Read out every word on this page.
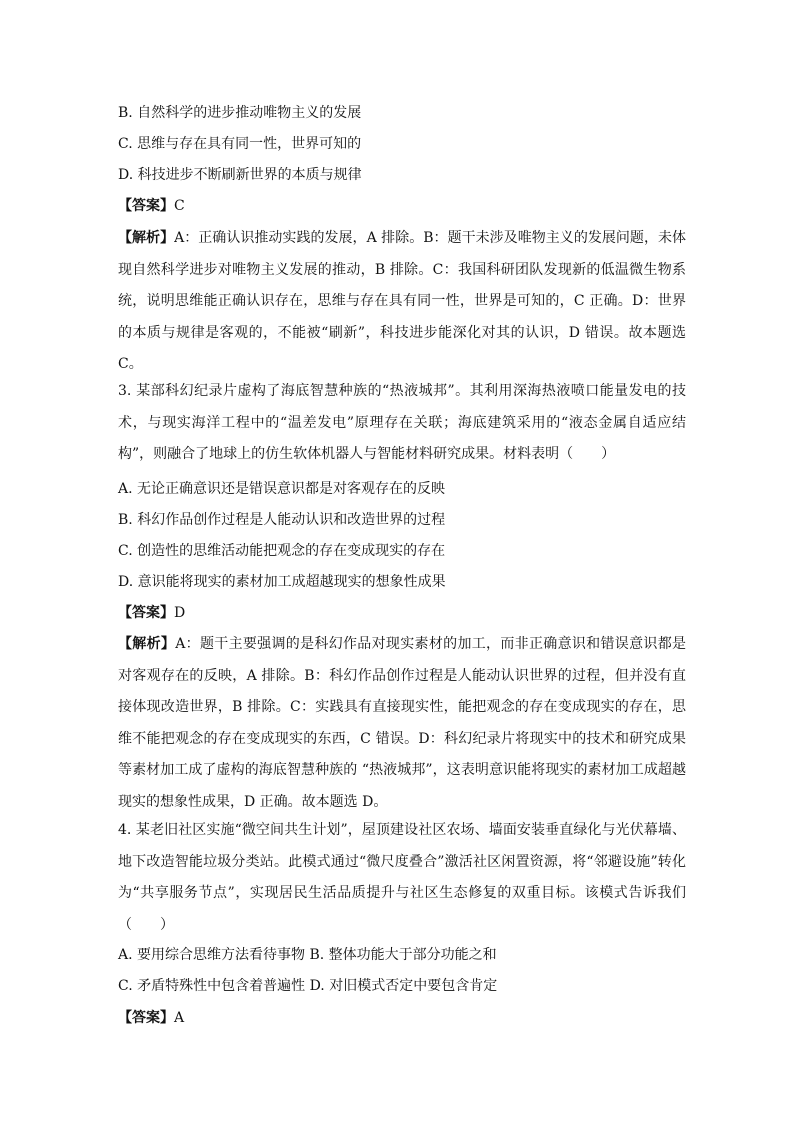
B. 自然科学的进步推动唯物主义的发展
C. 思维与存在具有同一性，世界可知的
D. 科技进步不断刷新世界的本质与规律
【答案】C
【解析】A：正确认识推动实践的发展，A 排除。B：题干未涉及唯物主义的发展问题，未体现自然科学进步对唯物主义发展的推动，B 排除。C：我国科研团队发现新的低温微生物系统，说明思维能正确认识存在，思维与存在具有同一性，世界是可知的，C 正确。D：世界的本质与规律是客观的，不能被“刷新”，科技进步能深化对其的认识，D 错误。故本题选 C。
3. 某部科幻纪录片虚构了海底智慧种族的“热液城邦”。其利用深海热液喷口能量发电的技术，与现实海洋工程中的“温差发电”原理存在关联；海底建筑采用的“液态金属自适应结构”，则融合了地球上的仿生软体机器人与智能材料研究成果。材料表明（　　）
A. 无论正确意识还是错误意识都是对客观存在的反映
B. 科幻作品创作过程是人能动认识和改造世界的过程
C. 创造性的思维活动能把观念的存在变成现实的存在
D. 意识能将现实的素材加工成超越现实的想象性成果
【答案】D
【解析】A：题干主要强调的是科幻作品对现实素材的加工，而非正确意识和错误意识都是对客观存在的反映，A 排除。B：科幻作品创作过程是人能动认识世界的过程，但并没有直接体现改造世界，B 排除。C：实践具有直接现实性，能把观念的存在变成现实的存在，思维不能把观念的存在变成现实的东西，C 错误。D：科幻纪录片将现实中的技术和研究成果等素材加工成了虚构的海底智慧种族的 “热液城邦”，这表明意识能将现实的素材加工成超越现实的想象性成果，D 正确。故本题选 D。
4. 某老旧社区实施“微空间共生计划”，屋顶建设社区农场、墙面安装垂直绿化与光伏幕墙、地下改造智能垃圾分类站。此模式通过“微尺度叠合”激活社区闲置资源，将“邻避设施”转化为“共享服务节点”，实现居民生活品质提升与社区生态修复的双重目标。该模式告诉我们（　　）
A. 要用综合思维方法看待事物 B. 整体功能大于部分功能之和
C. 矛盾特殊性中包含着普遍性 D. 对旧模式否定中要包含肯定
【答案】A
